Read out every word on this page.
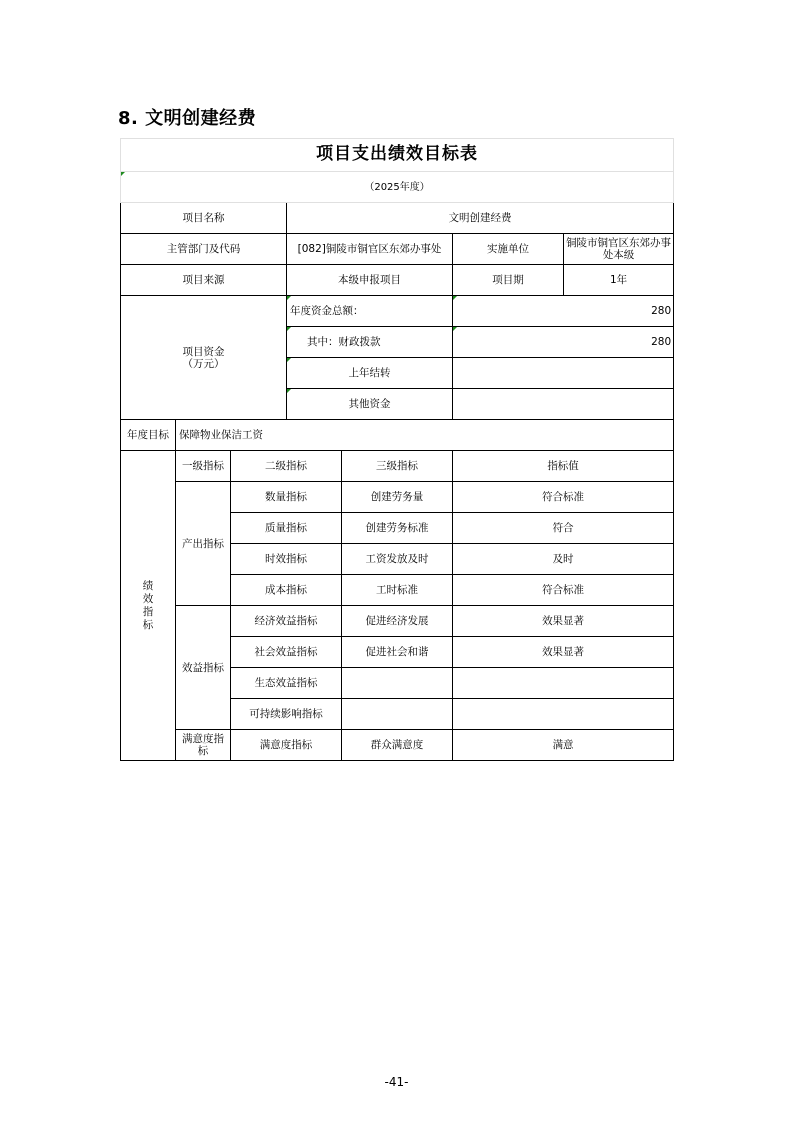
8. 文明创建经费
项目支出绩效目标表						
（2025年度）						
项目名称			文明创建经费			
主管部门及代码			[082]铜陵市铜官区东郊办事处		实施单位	铜陵市铜官区东郊办事处本级
项目来源			本级申报项目		项目期	1年

项目资金
（万元）			年度资金总额：		280	
			其中：财政拨款		280	
			上年结转			
			其他资金			
年度目标	保障物业保洁工资					

绩效指标	一级指标	二级指标		三级指标	指标值	
	产出指标	数量指标		创建劳务量	符合标准	
		质量指标		创建劳务标准	符合	
		时效指标		工资发放及时	及时	
		成本指标		工时标准	符合标准	
	效益指标	经济效益指标		促进经济发展	效果显著	
		社会效益指标		促进社会和谐	效果显著	
		生态效益指标				
		可持续影响指标				
	满意度指标	满意度指标		群众满意度	满意	
-41-
